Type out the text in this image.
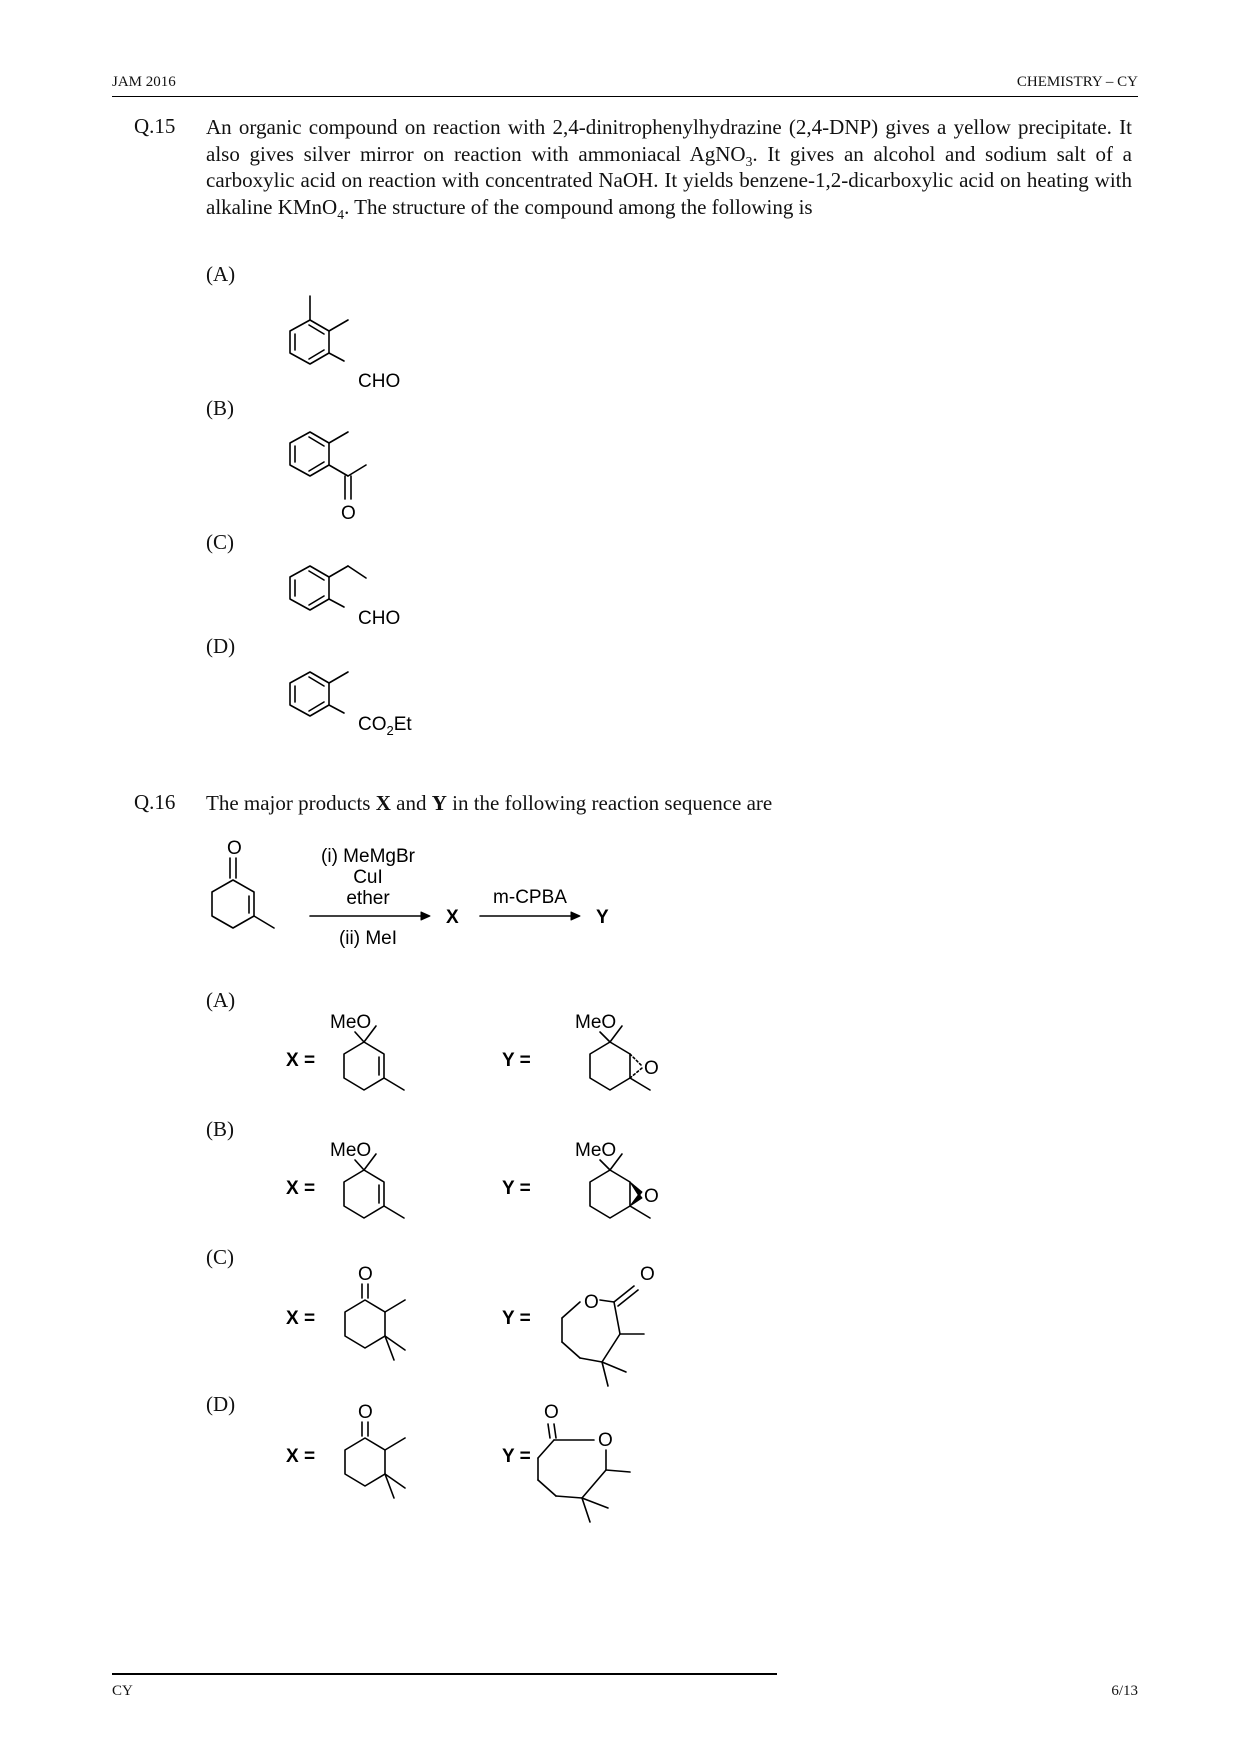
JAM 2016	CHEMISTRY – CY
Q.15 An organic compound on reaction with 2,4-dinitrophenylhydrazine (2,4-DNP) gives a yellow precipitate. It also gives silver mirror on reaction with ammoniacal AgNO$_3$. It gives an alcohol and sodium salt of a carboxylic acid on reaction with concentrated NaOH. It yields benzene-1,2-dicarboxylic acid on heating with alkaline KMnO$_4$. The structure of the compound among the following is
(A)
(B)
(C)
(D)
CHO
O
CHO
$CO_2Et$
Q.16 The major products X and Y in the following reaction sequence are
O	(i) MeMgBr
CuI
ether
(ii) MeI
X
m-CPBA
Y
(A)
(B)
(C)
(D)
X =
MeO
Y =
MeO
O
X =
MeO
Y =
MeO
O
X =
O
Y =
O
O
X =
O
Y =
O
O
CY	6/13
